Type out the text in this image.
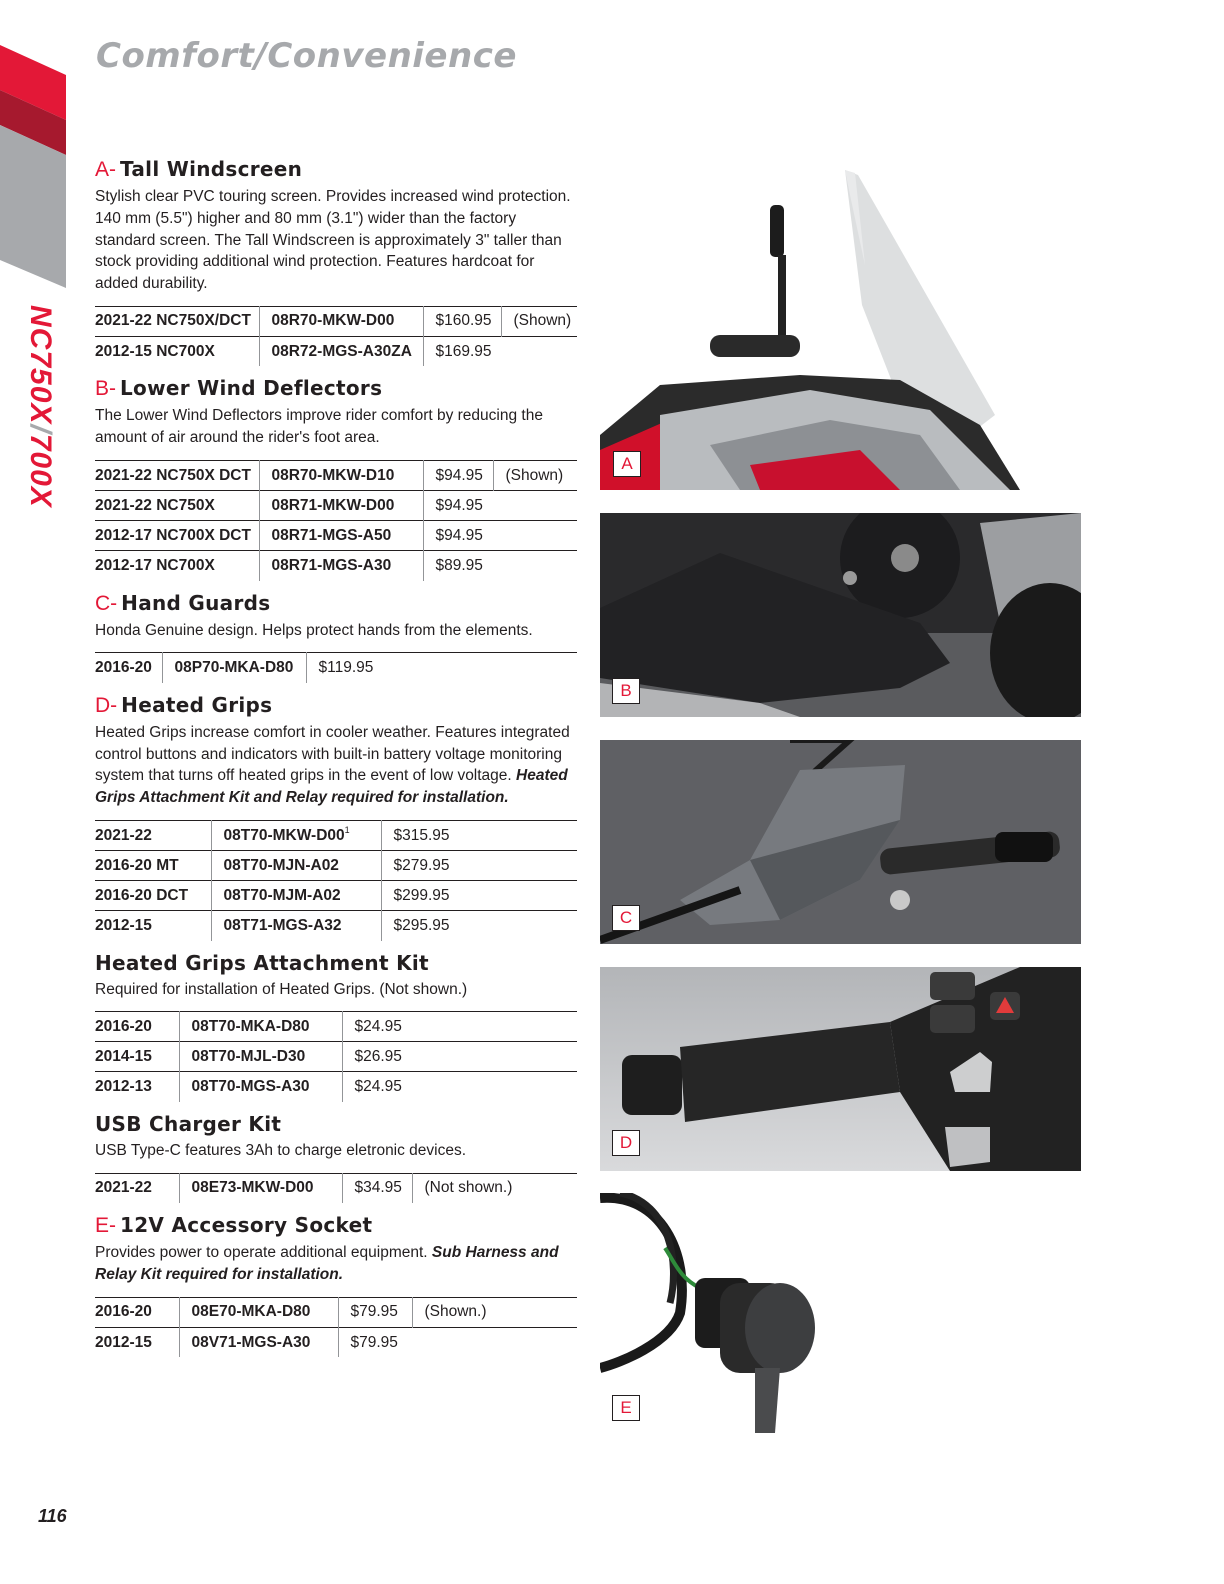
NC750X/700X
Comfort/Convenience
A- Tall Windscreen

Stylish clear PVC touring screen. Provides increased wind protection. 140 mm (5.5") higher and 80 mm (3.1") wider than the factory standard screen. The Tall Windscreen is approximately 3" taller than stock providing additional wind protection. Features hardcoat for added durability.

2021-22 NC750X/DCT	08R70-MKW-D00	$160.95	(Shown)
2012-15 NC700X	08R72-MGS-A30ZA	$169.95	
B- Lower Wind Deflectors

The Lower Wind Deflectors improve rider comfort by reducing the amount of air around the rider's foot area.

2021-22 NC750X DCT	08R70-MKW-D10	$94.95	(Shown)
2021-22 NC750X	08R71-MKW-D00	$94.95	
2012-17 NC700X DCT	08R71-MGS-A50	$94.95	
2012-17 NC700X	08R71-MGS-A30	$89.95	
C- Hand Guards

Honda Genuine design. Helps protect hands from the elements.

2016-20	08P70-MKA-D80	$119.95
D- Heated Grips

Heated Grips increase comfort in cooler weather. Features integrated control buttons and indicators with built-in battery voltage monitoring system that turns off heated grips in the event of low voltage. Heated Grips Attachment Kit and Relay required for installation.

2021-22	$08T70-MKW-D00^1$	$315.95
2016-20 MT	08T70-MJN-A02	$279.95
2016-20 DCT	08T70-MJM-A02	$299.95
2012-15	08T71-MGS-A32	$295.95
Heated Grips Attachment Kit

Required for installation of Heated Grips. (Not shown.)

2016-20	08T70-MKA-D80	$24.95
2014-15	08T70-MJL-D30	$26.95
2012-13	08T70-MGS-A30	$24.95
USB Charger Kit

USB Type-C features 3Ah to charge eletronic devices.

2021-22	08E73-MKW-D00	$34.95	(Not shown.)
E- 12V Accessory Socket

Provides power to operate additional equipment. Sub Harness and Relay Kit required for installation.

2016-20	08E70-MKA-D80	$79.95	(Shown.)
2012-15	08V71-MGS-A30	$79.95	
A
B
C
D
E
116
